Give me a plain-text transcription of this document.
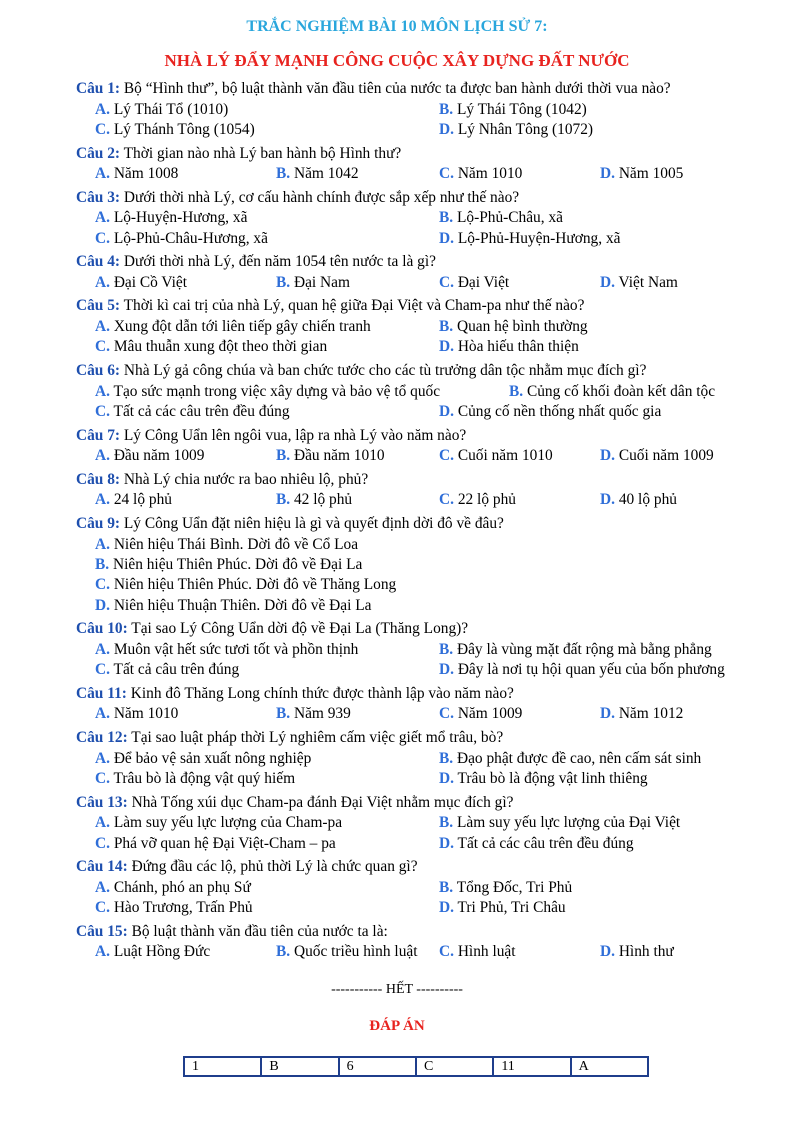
TRẮC NGHIỆM BÀI 10 MÔN LỊCH SỬ 7:
NHÀ LÝ ĐẨY MẠNH CÔNG CUỘC XÂY DỰNG ĐẤT NƯỚC
Câu 1: Bộ “Hình thư”, bộ luật thành văn đầu tiên của nước ta được ban hành dưới thời vua nào?
A. Lý Thái Tổ (1010)	B. Lý Thái Tông (1042)
C. Lý Thánh Tông (1054)	D. Lý Nhân Tông (1072)
Câu 2: Thời gian nào nhà Lý ban hành bộ Hình thư?
A. Năm 1008	B. Năm 1042	C. Năm 1010	D. Năm 1005
Câu 3: Dưới thời nhà Lý, cơ cấu hành chính được sắp xếp như thế nào?
A. Lộ-Huyện-Hương, xã	B. Lộ-Phủ-Châu, xã
C. Lộ-Phủ-Châu-Hương, xã	D. Lộ-Phủ-Huyện-Hương, xã
Câu 4: Dưới thời nhà Lý, đến năm 1054 tên nước ta là gì?
A. Đại Cồ Việt	B. Đại Nam	C. Đại Việt	D. Việt Nam
Câu 5: Thời kì cai trị của nhà Lý, quan hệ giữa Đại Việt và Cham-pa như thế nào?
A. Xung đột dẫn tới liên tiếp gây chiến tranh	B. Quan hệ bình thường
C. Mâu thuẫn xung đột theo thời gian	D. Hòa hiếu thân thiện
Câu 6: Nhà Lý gả công chúa và ban chức tước cho các tù trưởng dân tộc nhằm mục đích gì?
A. Tạo sức mạnh trong việc xây dựng và bảo vệ tổ quốc	B. Củng cố khối đoàn kết dân tộc
C. Tất cả các câu trên đều đúng	D. Củng cố nền thống nhất quốc gia
Câu 7: Lý Công Uẩn lên ngôi vua, lập ra nhà Lý vào năm nào?
A. Đầu năm 1009	B. Đầu năm 1010	C. Cuối năm 1010	D. Cuối năm 1009
Câu 8: Nhà Lý chia nước ra bao nhiêu lộ, phủ?
A. 24 lộ phủ	B. 42 lộ phủ	C. 22 lộ phủ	D. 40 lộ phủ
Câu 9: Lý Công Uẩn đặt niên hiệu là gì và quyết định dời đô về đâu?
A. Niên hiệu Thái Bình. Dời đô về Cổ Loa
B. Niên hiệu Thiên Phúc. Dời đô về Đại La
C. Niên hiệu Thiên Phúc. Dời đô về Thăng Long
D. Niên hiệu Thuận Thiên. Dời đô về Đại La
Câu 10: Tại sao Lý Công Uẩn dời độ về Đại La (Thăng Long)?
A. Muôn vật hết sức tươi tốt và phồn thịnh	B. Đây là vùng mặt đất rộng mà bằng phẳng
C. Tất cả câu trên đúng	D. Đây là nơi tụ hội quan yếu của bốn phương
Câu 11: Kinh đô Thăng Long chính thức được thành lập vào năm nào?
A. Năm 1010	B. Năm 939	C. Năm 1009	D. Năm 1012
Câu 12: Tại sao luật pháp thời Lý nghiêm cấm việc giết mổ trâu, bò?
A. Để bảo vệ sản xuất nông nghiệp	B. Đạo phật được đề cao, nên cấm sát sinh
C. Trâu bò là động vật quý hiếm	D. Trâu bò là động vật linh thiêng
Câu 13: Nhà Tống xúi dục Cham-pa đánh Đại Việt nhằm mục đích gì?
A. Làm suy yếu lực lượng của Cham-pa	B. Làm suy yếu lực lượng của Đại Việt
C. Phá vỡ quan hệ Đại Việt-Cham – pa	D. Tất cả các câu trên đều đúng
Câu 14: Đứng đầu các lộ, phủ thời Lý là chức quan gì?
A. Chánh, phó an phụ Sứ	B. Tổng Đốc, Tri Phủ
C. Hào Trương, Trấn Phủ	D. Tri Phủ, Tri Châu
Câu 15: Bộ luật thành văn đầu tiên của nước ta là:
A. Luật Hồng Đức	B. Quốc triều hình luật C. Hình luật	D. Hình thư
----------- HẾT ----------
ĐÁP ÁN
1	B	6	C	11	A
